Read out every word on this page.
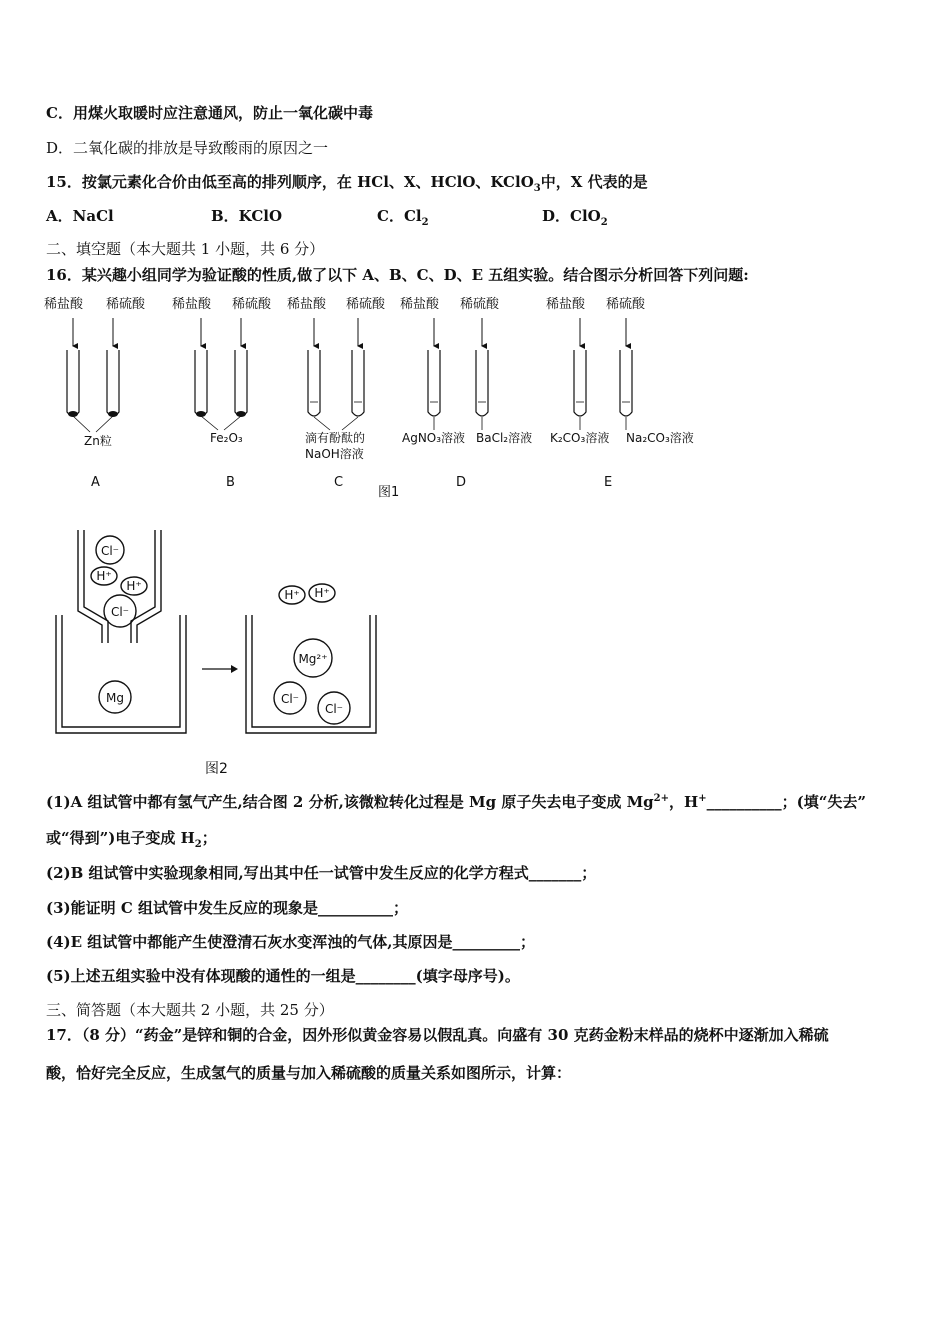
C．用煤火取暖时应注意通风，防止一氧化碳中毒
D．二氧化碳的排放是导致酸雨的原因之一
15．按氯元素化合价由低至高的排列顺序，在 HCl、X、HClO、KClO$_3$中，X 代表的是
A．NaCl	B．KClO	C．$Cl_2$	D．ClO$_2$
二、填空题（本大题共 1 小题，共 6 分）
16．某兴趣小组同学为验证酸的性质,做了以下 A、B、C、D、E 五组实验。结合图示分析回答下列问题:
稀盐酸 稀硫酸 稀盐酸 稀硫酸 稀盐酸 稀硫酸 稀盐酸 稀硫酸	稀盐酸 稀硫酸
Zn粒	Fe₂O₃	滴有酚酞的
NaOH溶液
AgNO₃溶液 BaCl₂溶液 K₂CO₃溶液 Na₂CO₃溶液
A	B	C	D	E
图1
Cl⁻
H⁺
H⁺
Cl⁻
Mg
H⁺ H⁺
Mg²⁺
Cl⁻
Cl⁻
图2
(1)A 组试管中都有氢气产生,结合图 2 分析,该微粒转化过程是 Mg 原子失去电子变成 $Mg^{2+}$，H+__________；(填“失去”
或“得到”)电子变成 $H_2$；
(2)B 组试管中实验现象相同,写出其中任一试管中发生反应的化学方程式_______；
(3)能证明 C 组试管中发生反应的现象是__________；
(4)E 组试管中都能产生使澄清石灰水变浑浊的气体,其原因是_________；
(5)上述五组实验中没有体现酸的通性的一组是________(填字母序号)。
三、简答题（本大题共 2 小题，共 25 分）
17．（8 分）“药金”是锌和铜的合金，因外形似黄金容易以假乱真。向盛有 30 克药金粉末样品的烧杯中逐渐加入稀硫
酸，恰好完全反应，生成氢气的质量与加入稀硫酸的质量关系如图所示，计算：
